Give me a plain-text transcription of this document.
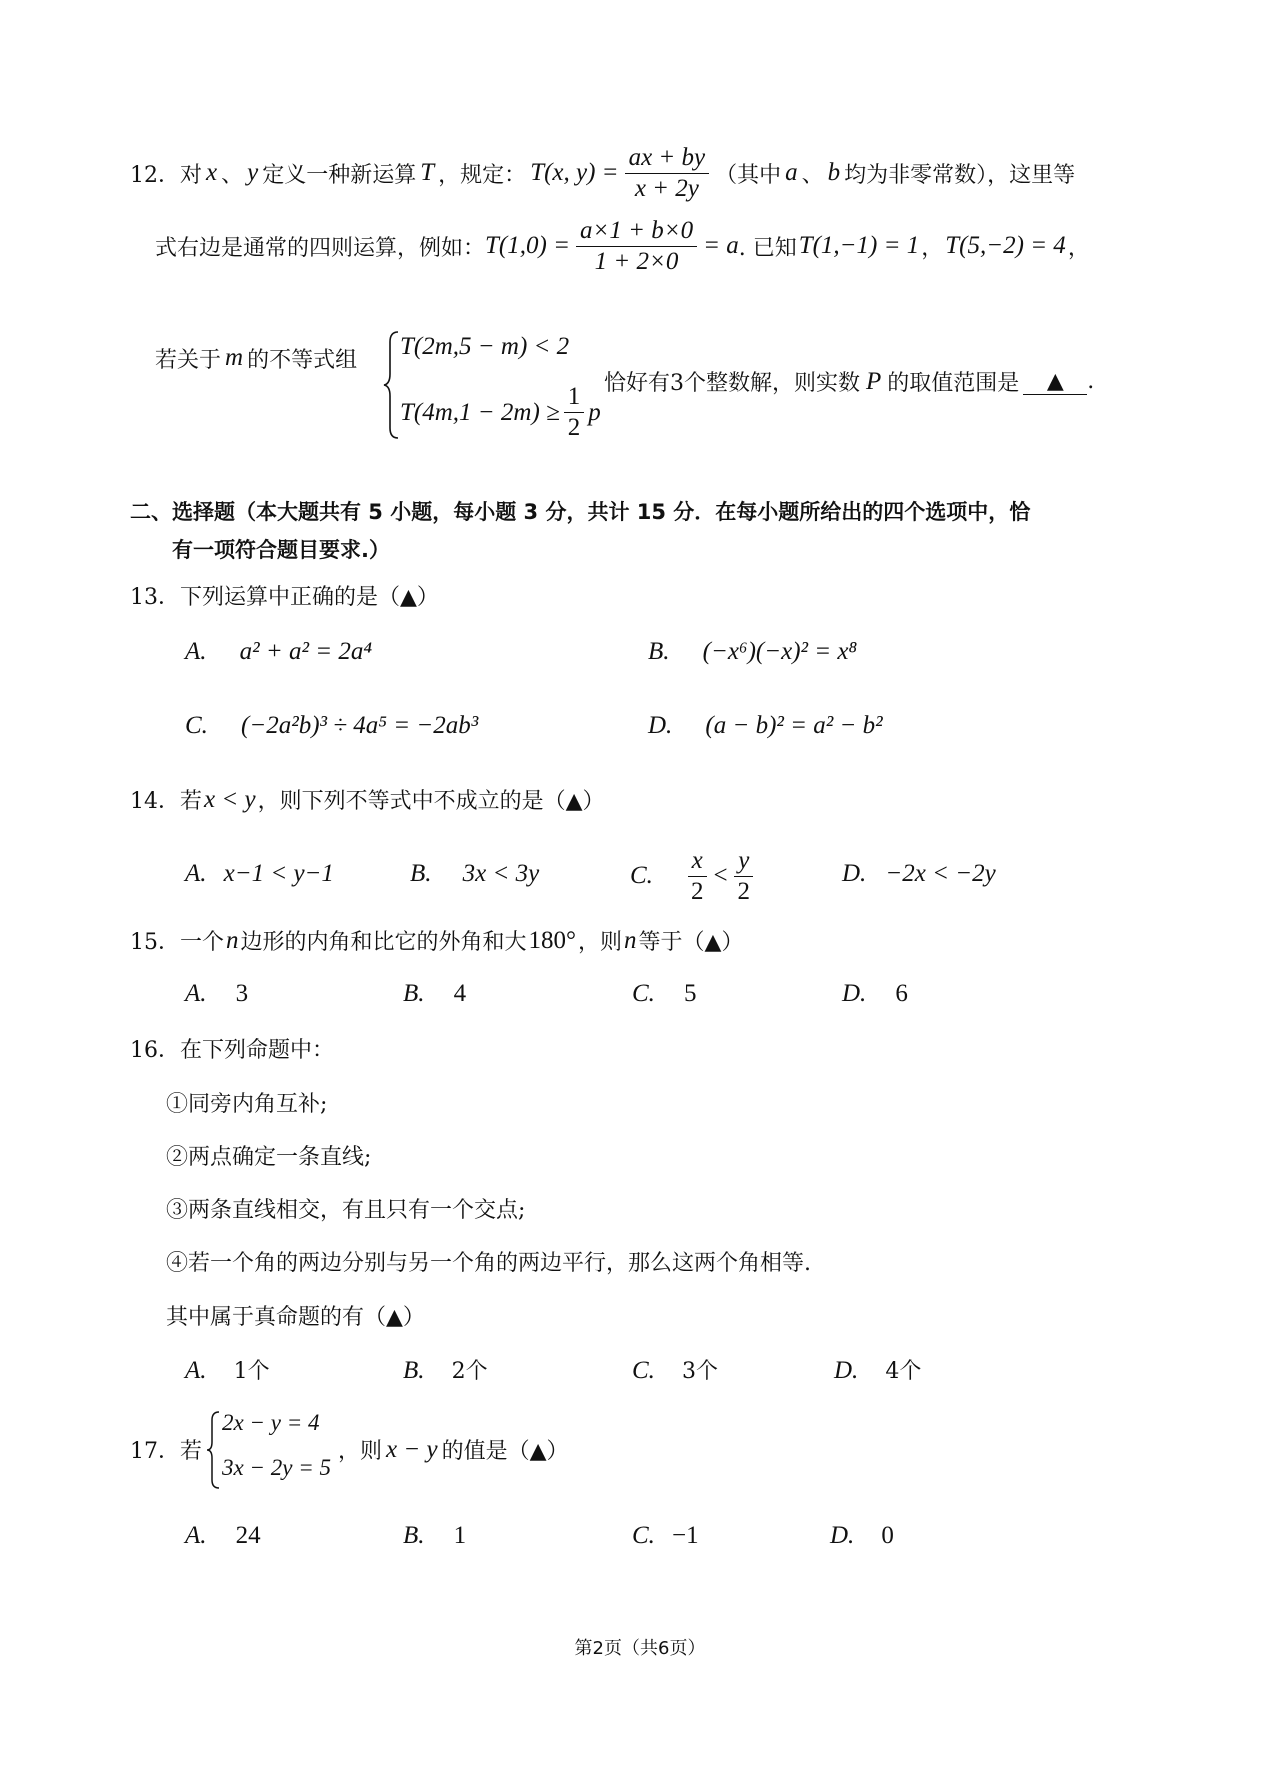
12． 对 x 、 y 定义一种新运算 T ，规定： T(x, $y) = \frac{ax + by}{x + 2y}$ （其中 a 、 b 均为非零常数），这里等
式右边是通常的四则运算，例如： $T(1,0) = \frac{a\times 1 + b\times 0}{1 + 2\times 0} = a$ . 已知 T(1,−1) = 1 ， T(5,−2) = 4 ，
若关于 m 的不等式组 T(2m,5 − m) < 2
$T(4m,1 - 2m) \ge \frac{1}{2}$ p
恰好有3个整数解，则实数 P 的取值范围是	▲	.
二、选择题（本大题共有 5 小题，每小题 3 分，共计 15 分．在每小题所给出的四个选项中，恰
有一项符合题目要求.）
13．下列运算中正确的是（▲）
A. a² + a² = 2a⁴	B. (−x⁶)(−x)² = x⁸
C. (−2a²b)³ ÷ 4a⁵ = −2ab³	D. (a − b)² = a² − b²
14．若 x < y ，则下列不等式中不成立的是（▲）
A. x−1 < y−1	B. 3x < 3y	C. $\frac{x}{2} < \frac{y}{2}$	D. −2x < −2y
15．一个 n 边形的内角和比它的外角和大 180° ，则 n 等于（▲）
A. 3	B. 4	C. 5	D. 6
16．在下列命题中：
①同旁内角互补;
②两点确定一条直线;
③两条直线相交，有且只有一个交点;
④若一个角的两边分别与另一个角的两边平行，那么这两个角相等.
其中属于真命题的有（▲）
A. 1个	B. 2个	C. 3个	D. 4个
17．若
2x − y = 4
3x − 2y = 5
，则 x − y 的值是（▲）
A. 24	B. 1	C. −1	D. 0
第2页（共6页）
